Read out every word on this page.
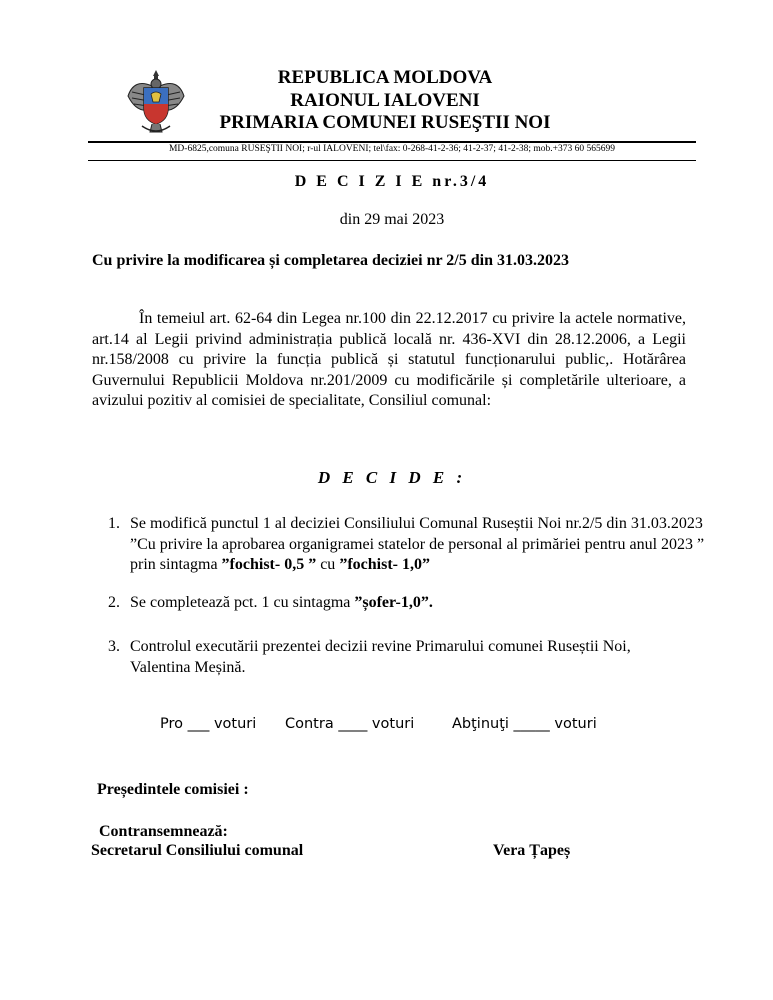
REPUBLICA MOLDOVA
RAIONUL IALOVENI
PRIMARIA COMUNEI RUSEŞTII NOI
MD-6825,comuna RUSEŞTII NOI; r-ul IALOVENI; tel\fax: 0-268-41-2-36; 41-2-37; 41-2-38; mob.+373 60 565699
D E C I Z I E nr.3/4
din 29 mai 2023
Cu privire la modificarea și completarea deciziei nr 2/5 din 31.03.2023
În temeiul art. 62-64 din Legea nr.100 din 22.12.2017 cu privire la actele normative, art.14 al Legii privind administrația publică locală nr. 436-XVI din 28.12.2006, a Legii nr.158/2008 cu privire la funcția publică și statutul funcționarului public,. Hotărârea Guvernului Republicii Moldova nr.201/2009 cu modificările și completările ulterioare, a avizului pozitiv al comisiei de specialitate, Consiliul comunal:
D E C I D E :
1. Se modifică punctul 1 al deciziei Consiliului Comunal Ruseștii Noi nr.2/5 din 31.03.2023 ”Cu privire la aprobarea organigramei statelor de personal al primăriei pentru anul 2023 ” prin sintagma ”fochist- 0,5 ” cu ”fochist- 1,0”
2. Se completează pct. 1 cu sintagma ”șofer-1,0”.
3. Controlul executării prezentei decizii revine Primarului comunei Ruseștii Noi, Valentina Meșină.
Pro ___ voturi Contra ____ voturi	Abţinuţi _____ voturi
Președintele comisiei :
Contransemnează:
Secretarul Consiliului comunal	Vera Țapeș
